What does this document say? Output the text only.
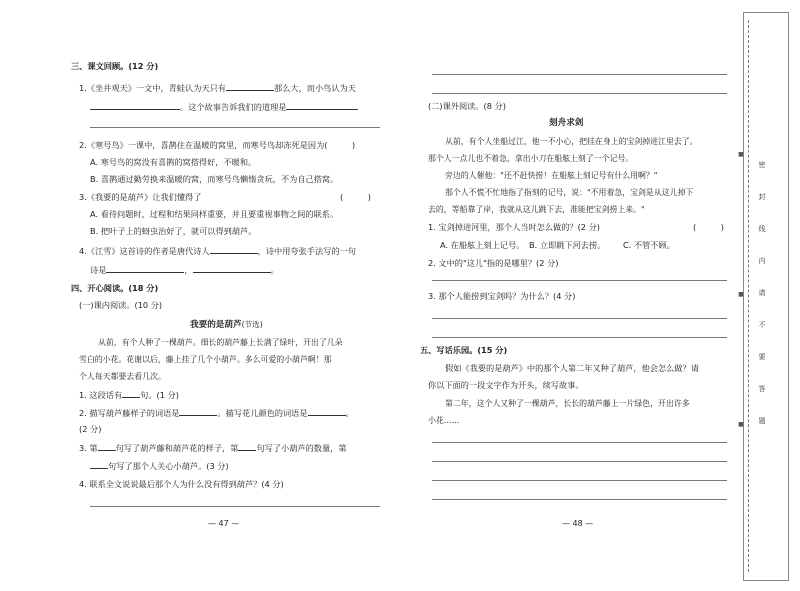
三、课文回顾。(12 分)
1.《坐井观天》一文中，青蛙认为天只有	那么大，而小鸟认为天
。这个故事告诉我们的道理是
2.《寒号鸟》一课中，喜鹊住在温暖的窝里，而寒号鸟却冻死是因为(　　　)
A. 寒号鸟的窝没有喜鹊的窝搭得好，不暖和。
B. 喜鹊通过勤劳换来温暖的窝，而寒号鸟懒惰贪玩，不为自己搭窝。
3.《我要的是葫芦》让我们懂得了	(　　　)
A. 看待问题时，过程和结果同样重要，并且要重视事物之间的联系。
B. 把叶子上的蚜虫治好了，就可以得到葫芦。
4.《江雪》这首诗的作者是唐代诗人	，诗中用夸张手法写的一句
诗是	，	。
四、开心阅读。(18 分)
(一)课内阅读。(10 分)
我要的是葫芦(节选)
从前，有个人种了一棵葫芦。细长的葫芦藤上长满了绿叶，开出了几朵
雪白的小花。花谢以后，藤上挂了几个小葫芦。多么可爱的小葫芦啊！那
个人每天都要去看几次。
1. 这段话有 句。(1 分)
2. 描写葫芦藤样子的词语是	。描写花儿颜色的词语是	。
(2 分)
3. 第 句写了葫芦藤和葫芦花的样子，第 句写了小葫芦的数量，第
句写了那个人关心小葫芦。(3 分)
4. 联系全文说说最后那个人为什么没有得到葫芦？(4 分)
— 47 —
(二)课外阅读。(8 分)
刻舟求剑
从前，有个人坐船过江，他一不小心，把挂在身上的宝剑掉进江里去了。
那个人一点儿也不着急，拿出小刀在船舷上刻了一个记号。
旁边的人催他："还不赶快捞！在船舷上刻记号有什么用啊？"
那个人不慌不忙地指了指刻的记号，说："不用着急，宝剑是从这儿掉下
去的，等船靠了岸，我就从这儿跳下去，准能把宝剑捞上来。"
1. 宝剑掉进河里，那个人当时怎么做的？(2 分)	(　　　)
A. 在船舷上刻上记号。 B. 立即跳下河去捞。 C. 不管不顾。
2. 文中的"这儿"指的是哪里？(2 分)
3. 那个人能捞到宝剑吗？为什么？(4 分)
五、写话乐园。(15 分)
假如《我要的是葫芦》中的那个人第二年又种了葫芦，他会怎么做？请
你以下面的一段文字作为开头，续写故事。
第二年，这个人又种了一棵葫芦，长长的葫芦藤上一片绿色，开出许多
小花……
— 48 —
■
■
■
密
封
线
内
请
不
要
答
题
